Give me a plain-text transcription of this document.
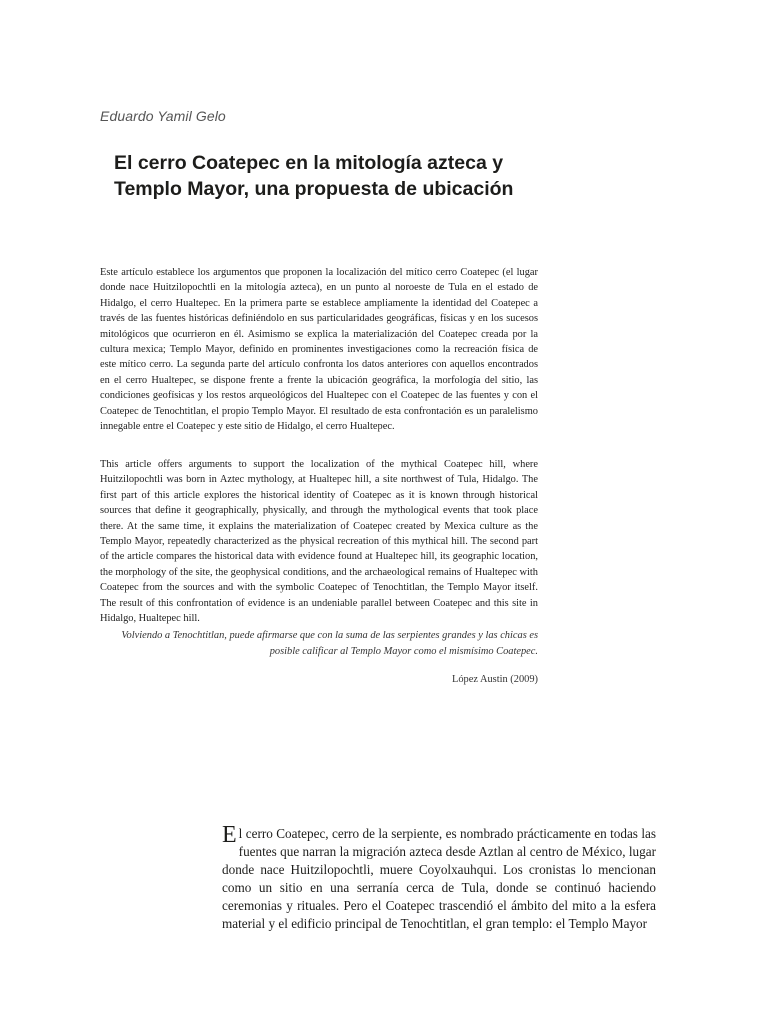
Eduardo Yamil Gelo
El cerro Coatepec en la mitología azteca y
Templo Mayor, una propuesta de ubicación

Este artículo establece los argumentos que proponen la localización del mítico cerro Coatepec (el lugar donde nace Huitzilopochtli en la mitología azteca), en un punto al noroeste de Tula en el estado de Hidalgo, el cerro Hualtepec. En la primera parte se establece ampliamente la identidad del Coatepec a través de las fuentes históricas definiéndolo en sus particularidades geográficas, físicas y en los sucesos mitológicos que ocurrieron en él. Asimismo se explica la materialización del Coatepec creada por la cultura mexica; Templo Mayor, definido en prominentes investigaciones como la recreación física de este mítico cerro. La segunda parte del artículo confronta los datos anteriores con aquellos encontrados en el cerro Hualtepec, se dispone frente a frente la ubicación geográfica, la morfología del sitio, las condiciones geofísicas y los restos arqueológicos del Hualtepec con el Coatepec de las fuentes y con el Coatepec de Tenochtitlan, el propio Templo Mayor. El resultado de esta confrontación es un paralelismo innegable entre el Coatepec y este sitio de Hidalgo, el cerro Hualtepec.

This article offers arguments to support the localization of the mythical Coatepec hill, where Huitzilopochtli was born in Aztec mythology, at Hualtepec hill, a site northwest of Tula, Hidalgo. The first part of this article explores the historical identity of Coatepec as it is known through historical sources that define it geographically, physically, and through the mythological events that took place there. At the same time, it explains the materialization of Coatepec created by Mexica culture as the Templo Mayor, repeatedly characterized as the physical recreation of this mythical hill. The second part of the article compares the historical data with evidence found at Hualtepec hill, its geographic location, the morphology of the site, the geophysical conditions, and the archaeological remains of Hualtepec with Coatepec from the sources and with the symbolic Coatepec of Tenochtitlan, the Templo Mayor itself. The result of this confrontation of evidence is an undeniable parallel between Coatepec and this site in Hidalgo, Hualtepec hill.

Volviendo a Tenochtitlan, puede afirmarse que con la suma de las serpientes grandes y las chicas es posible calificar al Templo Mayor como el mismísimo Coatepec.

López Austin (2009)

El cerro Coatepec, cerro de la serpiente, es nombrado prácticamente en todas las fuentes que narran la migración azteca desde Aztlan al centro de México, lugar donde nace Huitzilopochtli, muere Coyolxauhqui. Los cronistas lo mencionan como un sitio en una serranía cerca de Tula, donde se continuó haciendo ceremonias y rituales. Pero el Coatepec trascendió el ámbito del mito a la esfera material y el edificio principal de Tenochtitlan, el gran templo: el Templo Mayor
